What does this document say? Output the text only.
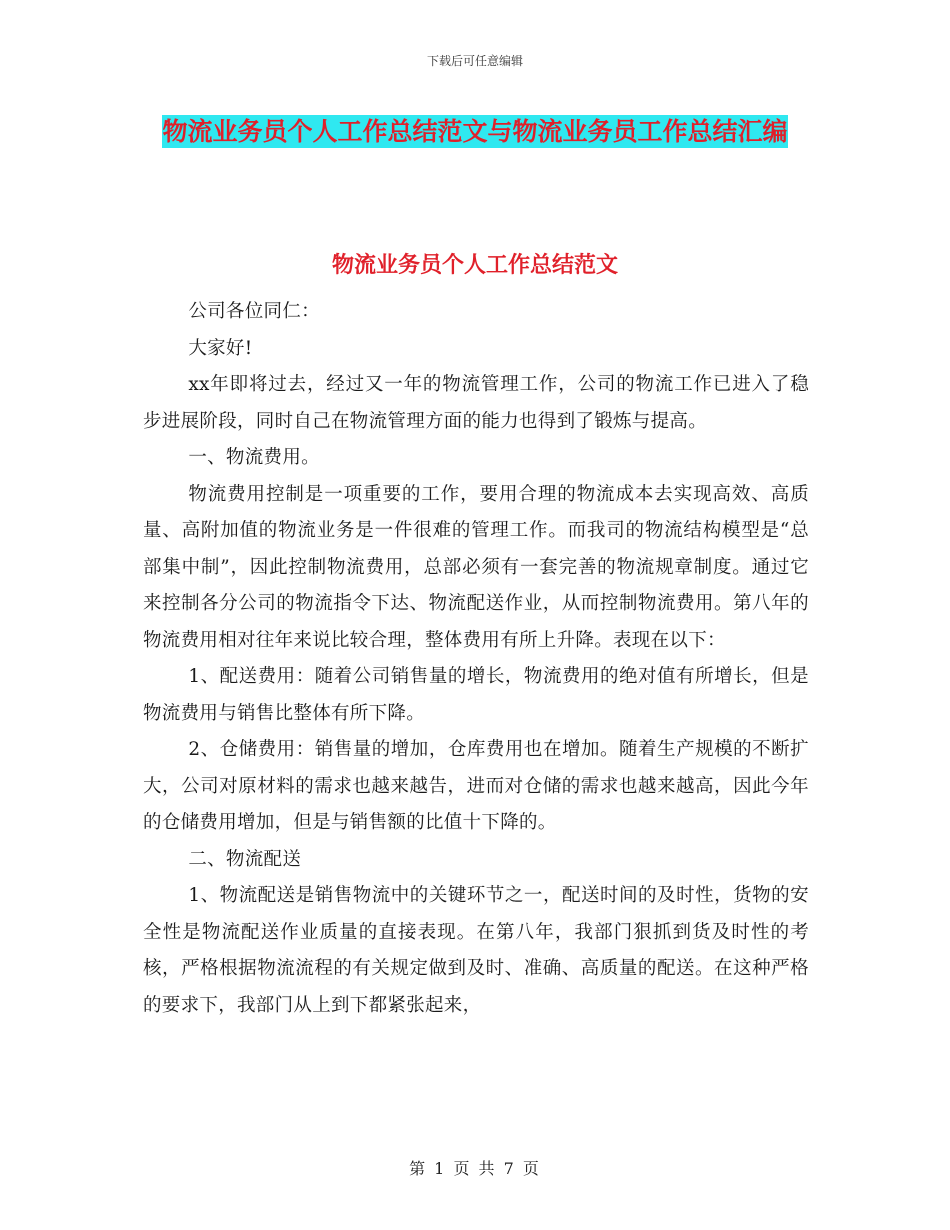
下载后可任意编辑
物流业务员个人工作总结范文与物流业务员工作总结汇编
物流业务员个人工作总结范文

公司各位同仁：

大家好!

xx年即将过去，经过又一年的物流管理工作，公司的物流工作已进入了稳步进展阶段，同时自己在物流管理方面的能力也得到了锻炼与提高。

一、物流费用。

物流费用控制是一项重要的工作，要用合理的物流成本去实现高效、高质量、高附加值的物流业务是一件很难的管理工作。而我司的物流结构模型是“总部集中制”，因此控制物流费用，总部必须有一套完善的物流规章制度。通过它来控制各分公司的物流指令下达、物流配送作业，从而控制物流费用。第八年的物流费用相对往年来说比较合理，整体费用有所上升降。表现在以下：

1、配送费用：随着公司销售量的增长，物流费用的绝对值有所增长，但是物流费用与销售比整体有所下降。

2、仓储费用：销售量的增加，仓库费用也在增加。随着生产规模的不断扩大，公司对原材料的需求也越来越告，进而对仓储的需求也越来越高，因此今年的仓储费用增加，但是与销售额的比值十下降的。

二、物流配送

1、物流配送是销售物流中的关键环节之一，配送时间的及时性，货物的安全性是物流配送作业质量的直接表现。在第八年，我部门狠抓到货及时性的考核，严格根据物流流程的有关规定做到及时、准确、高质量的配送。在这种严格的要求下，我部门从上到下都紧张起来，

第 1 页 共 7 页
